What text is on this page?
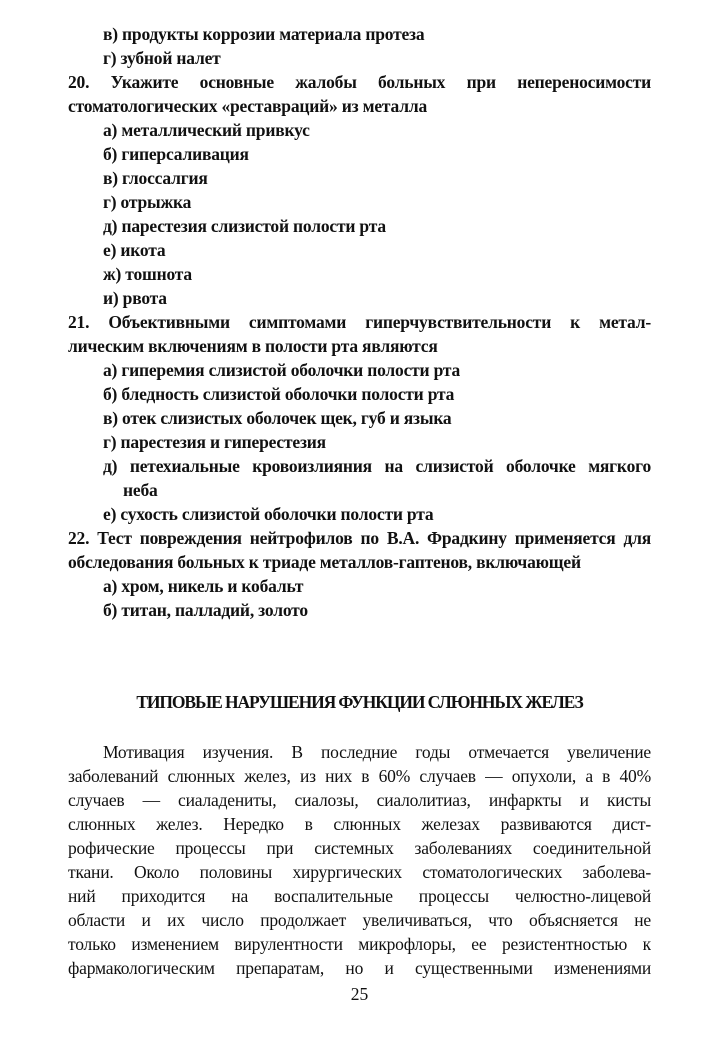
в) продукты коррозии материала протеза
г) зубной налет
20. Укажите основные жалобы больных при непереносимости
стоматологических «реставраций» из металла
а) металлический привкус
б) гиперсаливация
в) глоссалгия
г) отрыжка
д) парестезия слизистой полости рта
е) икота
ж) тошнота
и) рвота
21. Объективными симптомами гиперчувствительности к метал-
лическим включениям в полости рта являются
а) гиперемия слизистой оболочки полости рта
б) бледность слизистой оболочки полости рта
в) отек слизистых оболочек щек, губ и языка
г) парестезия и гиперестезия
д) петехиальные кровоизлияния на слизистой оболочке мягкого
неба
е) сухость слизистой оболочки полости рта
22. Тест повреждения нейтрофилов по В.А. Фрадкину применяется для
обследования больных к триаде металлов-гаптенов, включающей
а) хром, никель и кобальт
б) титан, палладий, золото
ТИПОВЫЕ НАРУШЕНИЯ ФУНКЦИИ СЛЮННЫХ ЖЕЛЕЗ
Мотивация изучения. В последние годы отмечается увеличение
заболеваний слюнных желез, из них в 60% случаев — опухоли, а в 40%
случаев — сиаладениты, сиалозы, сиалолитиаз, инфаркты и кисты
слюнных желез. Нередко в слюнных железах развиваются дист-
рофические процессы при системных заболеваниях соединительной
ткани. Около половины хирургических стоматологических заболева-
ний приходится на воспалительные процессы челюстно-лицевой
области и их число продолжает увеличиваться, что объясняется не
только изменением вирулентности микрофлоры, ее резистентностью к
фармакологическим препаратам, но и существенными изменениями
25
